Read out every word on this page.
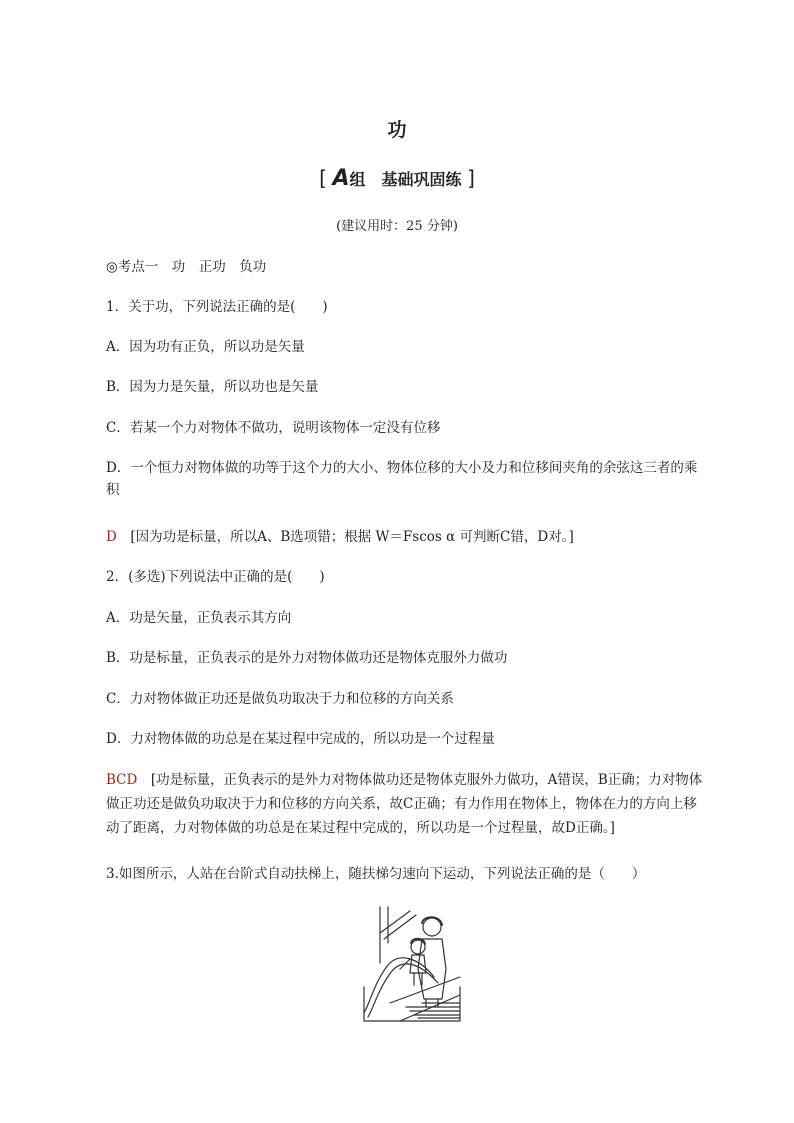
功
[ A组　基础巩固练 ]
(建议用时：25 分钟)
◎考点一　功　正功　负功
1．关于功，下列说法正确的是(　　)
A．因为功有正负，所以功是矢量
B．因为力是矢量，所以功也是矢量
C．若某一个力对物体不做功，说明该物体一定没有位移
D．一个恒力对物体做的功等于这个力的大小、物体位移的大小及力和位移间夹角的余弦这三者的乘积
D　[因为功是标量，所以A、B选项错；根据 W＝Fscos α 可判断C错，D对。]
2．(多选)下列说法中正确的是(　　)
A．功是矢量，正负表示其方向
B．功是标量，正负表示的是外力对物体做功还是物体克服外力做功
C．力对物体做正功还是做负功取决于力和位移的方向关系
D．力对物体做的功总是在某过程中完成的，所以功是一个过程量
BCD　[功是标量，正负表示的是外力对物体做功还是物体克服外力做功，A错误，B正确；力对物体做正功还是做负功取决于力和位移的方向关系，故C正确；有力作用在物体上，物体在力的方向上移动了距离，力对物体做的功总是在某过程中完成的，所以功是一个过程量，故D正确。]
3.如图所示，人站在台阶式自动扶梯上，随扶梯匀速向下运动，下列说法正确的是（　　）
